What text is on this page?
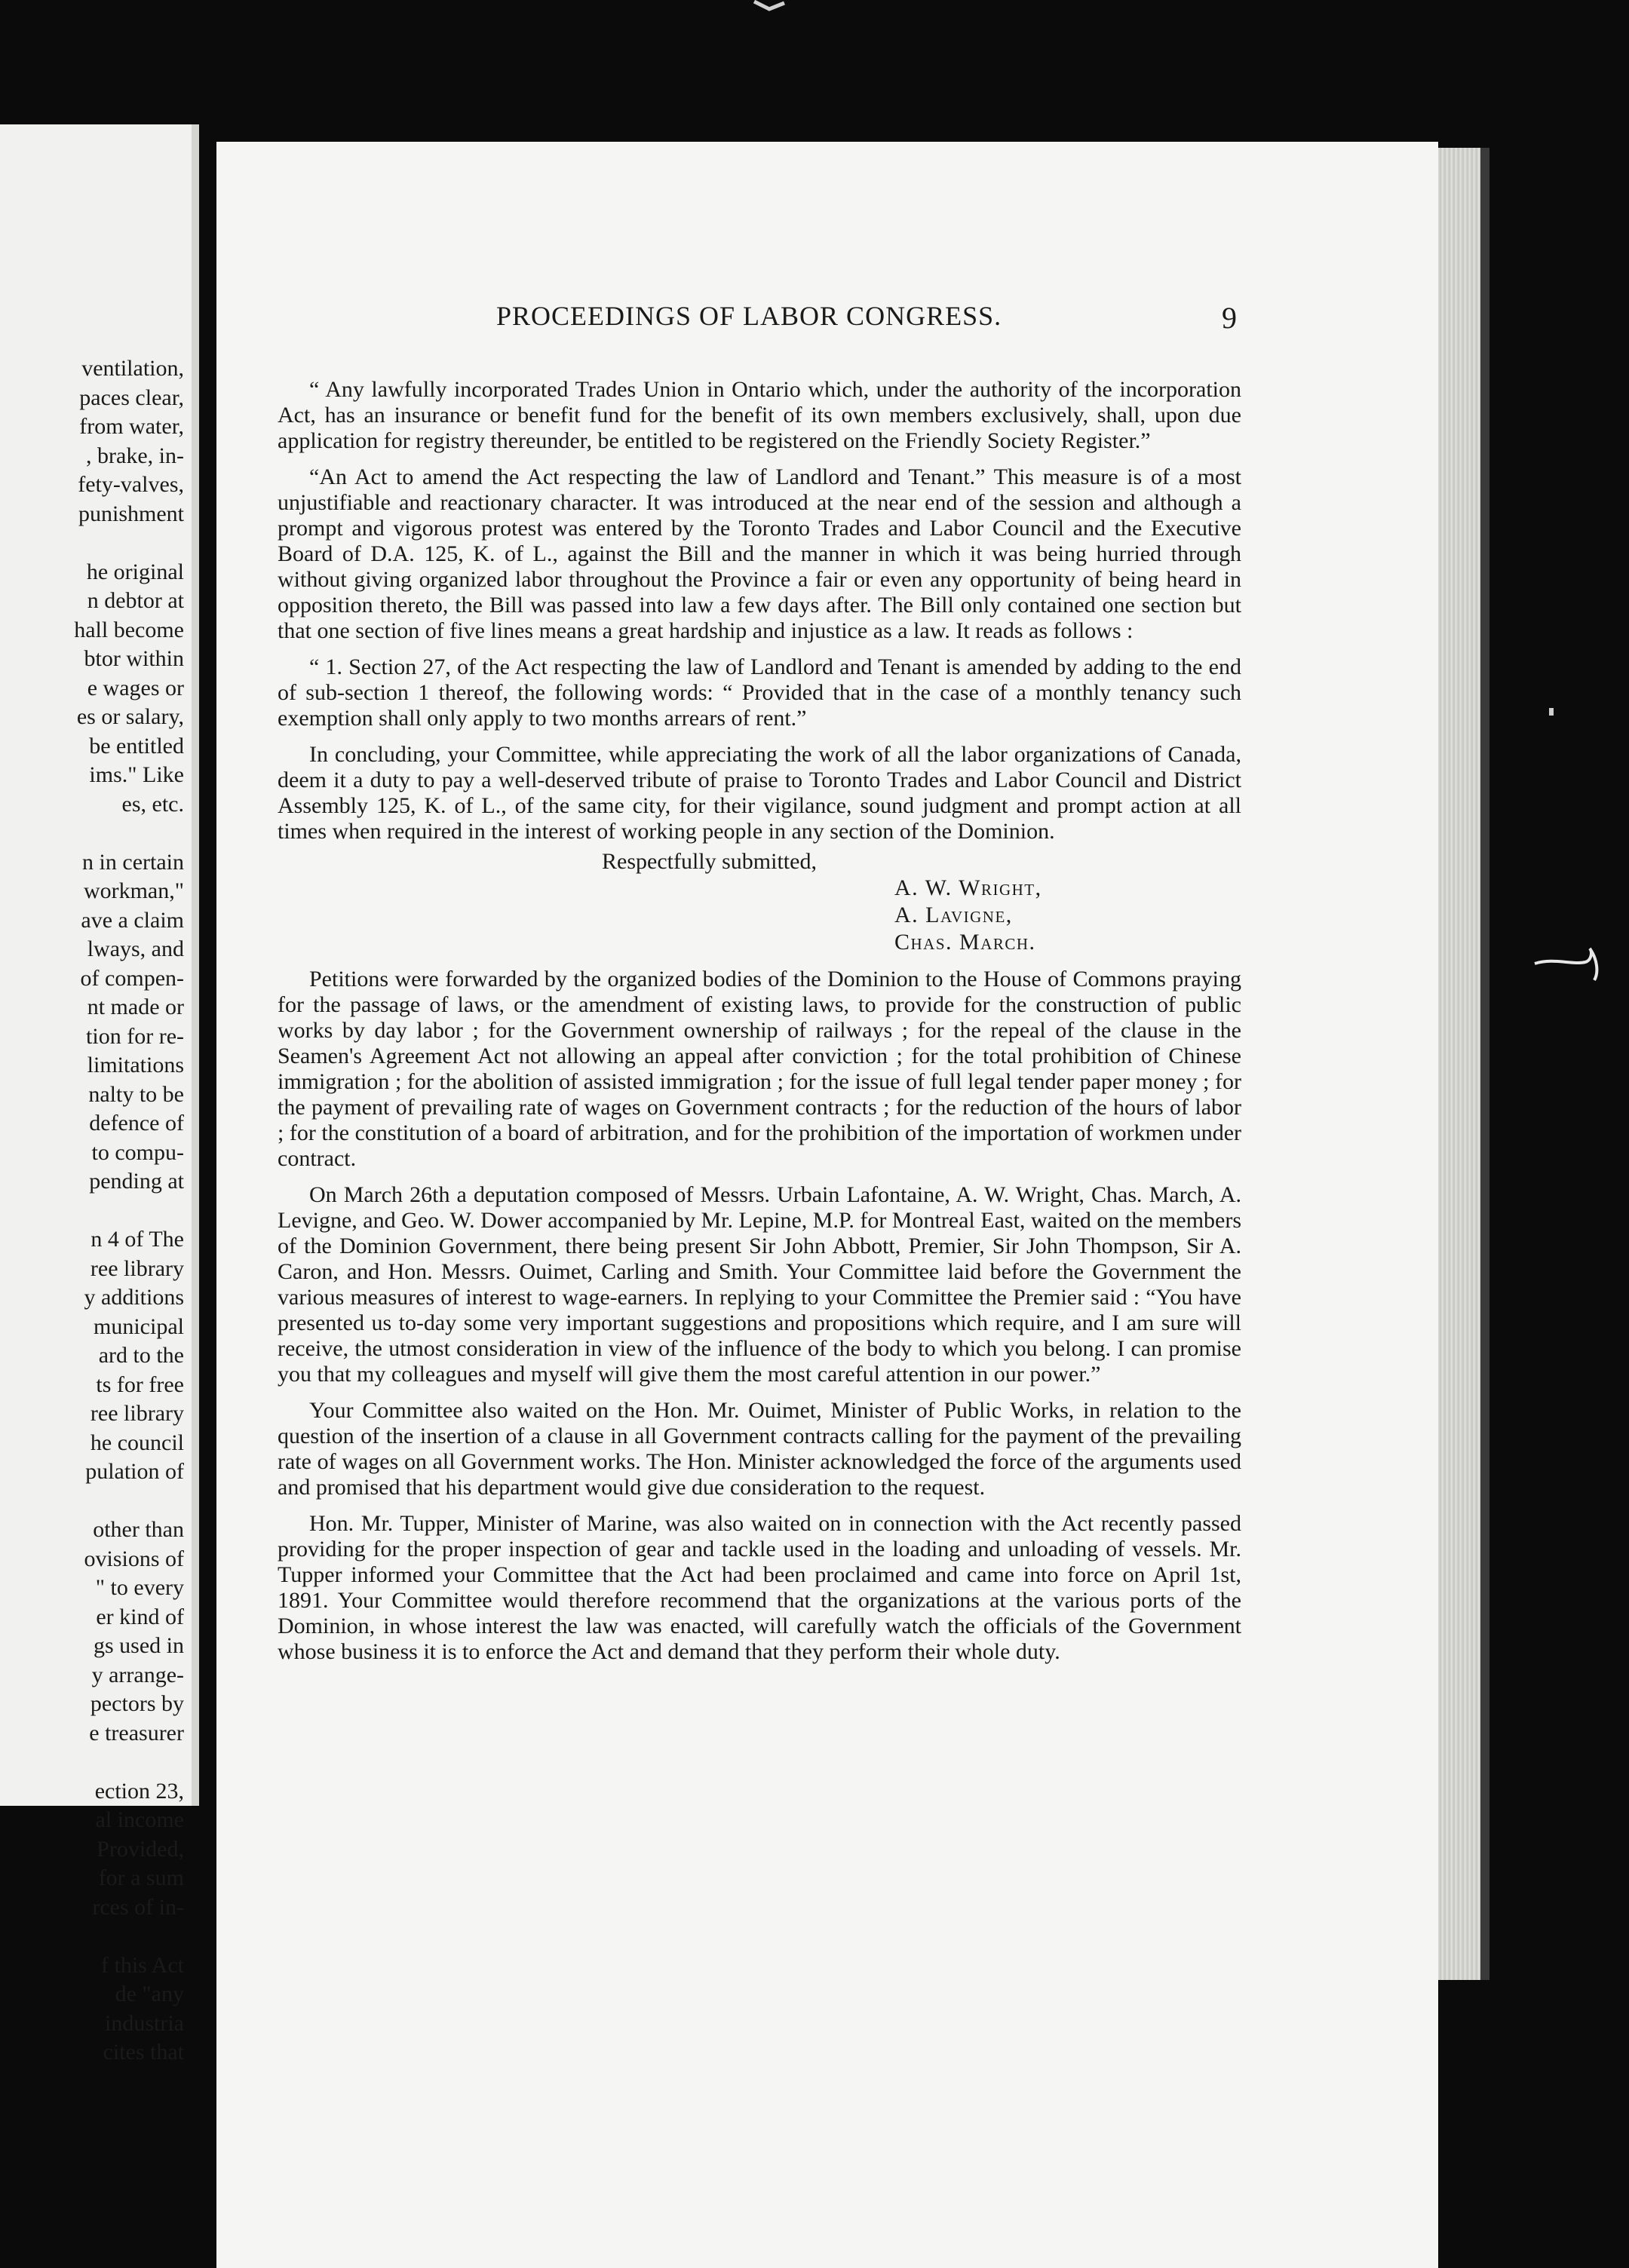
ventilation,
paces clear,
from water,
, brake, in-
fety-valves,
punishment
he original
n debtor at
hall become
btor within
e wages or
es or salary,
be entitled
ims." Like
es, etc.
n in certain
workman,"
ave a claim
lways, and
of compen-
nt made or
tion for re-
limitations
nalty to be
defence of
to compu-
pending at
n 4 of The
ree library
y additions
municipal
ard to the
ts for free
ree library
he council
pulation of
other than
ovisions of
" to every
er kind of
gs used in
y arrange-
pectors by
e treasurer
ection 23,
al income
Provided,
for a sum
rces of in-
f this Act
de "any
industria
cites that
PROCEEDINGS OF LABOR CONGRESS.	9

“ Any lawfully incorporated Trades Union in Ontario which, under the authority of the incorporation Act, has an insurance or benefit fund for the benefit of its own members exclusively, shall, upon due application for registry thereunder, be entitled to be registered on the Friendly Society Register.”

“An Act to amend the Act respecting the law of Landlord and Tenant.” This measure is of a most unjustifiable and reactionary character. It was introduced at the near end of the session and although a prompt and vigorous protest was entered by the Toronto Trades and Labor Council and the Executive Board of D.A. 125, K. of L., against the Bill and the manner in which it was being hurried through without giving organized labor throughout the Province a fair or even any opportunity of being heard in opposition thereto, the Bill was passed into law a few days after. The Bill only contained one section but that one section of five lines means a great hardship and injustice as a law. It reads as follows :

“ 1. Section 27, of the Act respecting the law of Landlord and Tenant is amended by adding to the end of sub-section 1 thereof, the following words: “ Provided that in the case of a monthly tenancy such exemption shall only apply to two months arrears of rent.”

In concluding, your Committee, while appreciating the work of all the labor organizations of Canada, deem it a duty to pay a well-deserved tribute of praise to Toronto Trades and Labor Council and District Assembly 125, K. of L., of the same city, for their vigilance, sound judgment and prompt action at all times when required in the interest of working people in any section of the Dominion.

Respectfully submitted,

A. W. Wright,
A. Lavigne,
Chas. March.

Petitions were forwarded by the organized bodies of the Dominion to the House of Commons praying for the passage of laws, or the amendment of existing laws, to provide for the construction of public works by day labor ; for the Government ownership of railways ; for the repeal of the clause in the Seamen's Agreement Act not allowing an appeal after conviction ; for the total prohibition of Chinese immigration ; for the abolition of assisted immigration ; for the issue of full legal tender paper money ; for the payment of prevailing rate of wages on Government contracts ; for the reduction of the hours of labor ; for the constitution of a board of arbitration, and for the prohibition of the importation of workmen under contract.

On March 26th a deputation composed of Messrs. Urbain Lafontaine, A. W. Wright, Chas. March, A. Levigne, and Geo. W. Dower accompanied by Mr. Lepine, M.P. for Montreal East, waited on the members of the Dominion Government, there being present Sir John Abbott, Premier, Sir John Thompson, Sir A. Caron, and Hon. Messrs. Ouimet, Carling and Smith. Your Committee laid before the Government the various measures of interest to wage-earners. In replying to your Committee the Premier said : “You have presented us to-day some very important suggestions and propositions which require, and I am sure will receive, the utmost consideration in view of the influence of the body to which you belong. I can promise you that my colleagues and myself will give them the most careful attention in our power.”

Your Committee also waited on the Hon. Mr. Ouimet, Minister of Public Works, in relation to the question of the insertion of a clause in all Government contracts calling for the payment of the prevailing rate of wages on all Government works. The Hon. Minister acknowledged the force of the arguments used and promised that his department would give due consideration to the request.

Hon. Mr. Tupper, Minister of Marine, was also waited on in connection with the Act recently passed providing for the proper inspection of gear and tackle used in the loading and unloading of vessels. Mr. Tupper informed your Committee that the Act had been proclaimed and came into force on April 1st, 1891. Your Committee would therefore recommend that the organizations at the various ports of the Dominion, in whose interest the law was enacted, will carefully watch the officials of the Government whose business it is to enforce the Act and demand that they perform their whole duty.
